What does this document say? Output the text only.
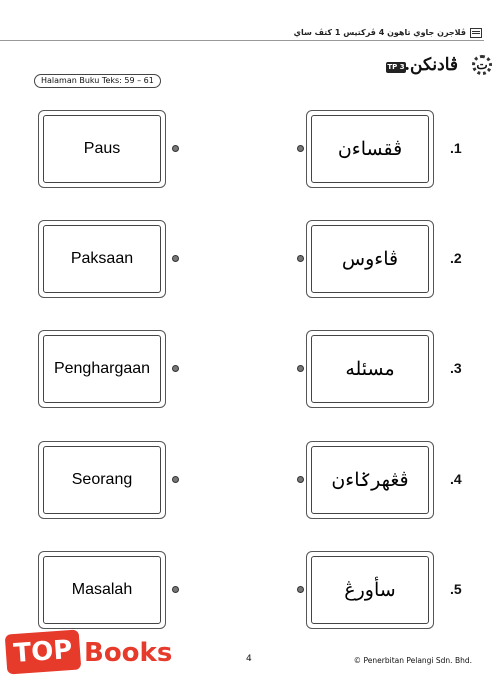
ڤلاجرن جاوي تاهون 4 ڤرکتيس 1 کتڤ ساي
TP 3 ڤادنکن. ت
Halaman Buku Teks: 59 – 61
Paus	ڤقساءن	.1
Paksaan	ڤاءوس	.2
Penghargaan	مسئله	.3
Seorang	ڤڠهرݢاءن	.4
Masalah	سأورڠ	.5
TOP Books	4	© Penerbitan Pelangi Sdn. Bhd.
